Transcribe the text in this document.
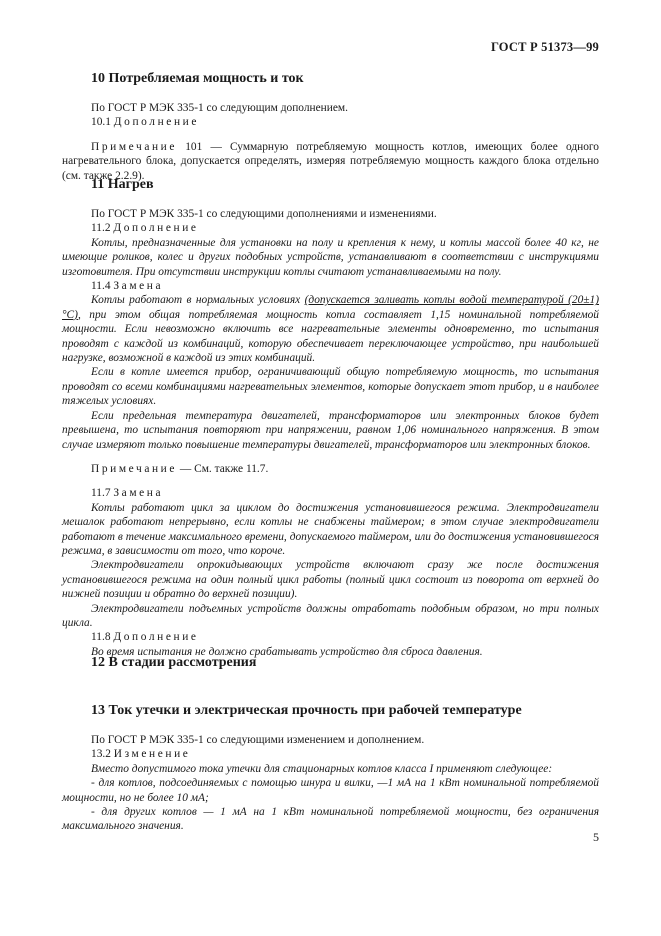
ГОСТ Р 51373—99
10 Потребляемая мощность и ток

По ГОСТ Р МЭК 335-1 со следующим дополнением.

10.1 Дополнение

Примечание 101 — Суммарную потребляемую мощность котлов, имеющих более одного нагревательного блока, допускается определять, измеряя потребляемую мощность каждого блока отдельно (см. также 2.2.9).

11 Нагрев

По ГОСТ Р МЭК 335-1 со следующими дополнениями и изменениями.

11.2 Дополнение

Котлы, предназначенные для установки на полу и крепления к нему, и котлы массой более 40 кг, не имеющие роликов, колес и других подобных устройств, устанавливают в соответствии с инструкциями изготовителя. При отсутствии инструкции котлы считают устанавливаемыми на полу.

11.4 Замена

Котлы работают в нормальных условиях (допускается заливать котлы водой температурой (20±1) °С), при этом общая потребляемая мощность котла составляет 1,15 номинальной потребляемой мощности. Если невозможно включить все нагревательные элементы одновременно, то испытания проводят с каждой из комбинаций, которую обеспечивает переключающее устройство, при наибольшей нагрузке, возможной в каждой из этих комбинаций.

Если в котле имеется прибор, ограничивающий общую потребляемую мощность, то испытания проводят со всеми комбинациями нагревательных элементов, которые допускает этот прибор, и в наиболее тяжелых условиях.

Если предельная температура двигателей, трансформаторов или электронных блоков будет превышена, то испытания повторяют при напряжении, равном 1,06 номинального напряжения. В этом случае измеряют только повышение температуры двигателей, трансформаторов или электронных блоков.

Примечание — См. также 11.7.

11.7 Замена

Котлы работают цикл за циклом до достижения установившегося режима. Электродвигатели мешалок работают непрерывно, если котлы не снабжены таймером; в этом случае электродвигатели работают в течение максимального времени, допускаемого таймером, или до достижения установившегося режима, в зависимости от того, что короче.

Электродвигатели опрокидывающих устройств включают сразу же после достижения установившегося режима на один полный цикл работы (полный цикл состоит из поворота от верхней до нижней позиции и обратно до верхней позиции).

Электродвигатели подъемных устройств должны отработать подобным образом, но три полных цикла.

11.8 Дополнение

Во время испытания не должно срабатывать устройство для сброса давления.

12 В стадии рассмотрения
13 Ток утечки и электрическая прочность при рабочей температуре

По ГОСТ Р МЭК 335-1 со следующими изменением и дополнением.

13.2 Изменение

Вместо допустимого тока утечки для стационарных котлов класса I применяют следующее:

- для котлов, подсоединяемых с помощью шнура и вилки, —1 мА на 1 кВт номинальной потребляемой мощности, но не более 10 мА;

- для других котлов — 1 мА на 1 кВт номинальной потребляемой мощности, без ограничения максимального значения.

5
